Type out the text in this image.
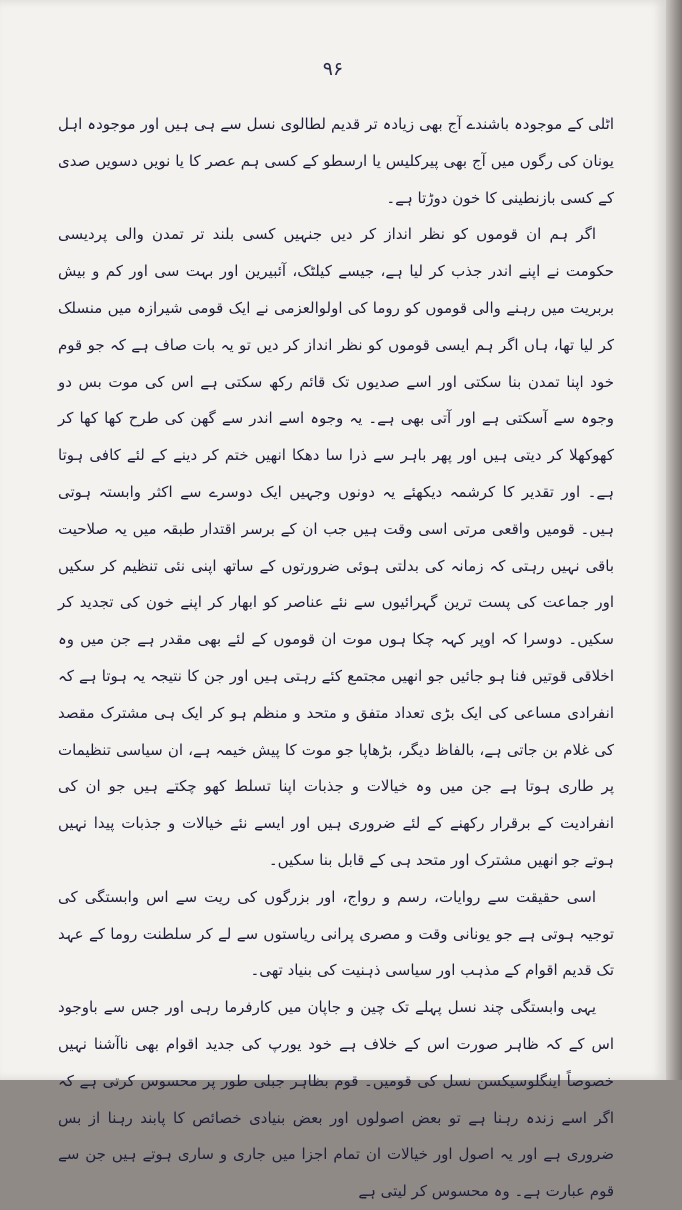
۹۶

اٹلی کے موجودہ باشندے آج بھی زیادہ تر قدیم لطالوی نسل سے ہی ہیں اور موجودہ اہل یونان کی رگوں میں آج بھی پیرکلیس یا ارسطو کے کسی ہم عصر کا یا نویں دسویں صدی کے کسی بازنطینی کا خون دوڑتا ہے۔

اگر ہم ان قوموں کو نظر انداز کر دیں جنہیں کسی بلند تر تمدن والی پردیسی حکومت نے اپنے اندر جذب کر لیا ہے، جیسے کیلٹک، آئبیرین اور بہت سی اور کم و بیش بربریت میں رہنے والی قوموں کو روما کی اولوالعزمی نے ایک قومی شیرازہ میں منسلک کر لیا تھا، ہاں اگر ہم ایسی قوموں کو نظر انداز کر دیں تو یہ بات صاف ہے کہ جو قوم خود اپنا تمدن بنا سکتی اور اسے صدیوں تک قائم رکھ سکتی ہے اس کی موت بس دو وجوہ سے آسکتی ہے اور آتی بھی ہے۔ یہ وجوہ اسے اندر سے گھن کی طرح کھا کھا کر کھوکھلا کر دیتی ہیں اور پھر باہر سے ذرا سا دھکا انھیں ختم کر دینے کے لئے کافی ہوتا ہے۔ اور تقدیر کا کرشمہ دیکھئے یہ دونوں وجہیں ایک دوسرے سے اکثر وابستہ ہوتی ہیں۔ قومیں واقعی مرتی اسی وقت ہیں جب ان کے برسر اقتدار طبقہ میں یہ صلاحیت باقی نہیں رہتی کہ زمانہ کی بدلتی ہوئی ضرورتوں کے ساتھ اپنی نئی تنظیم کر سکیں اور جماعت کی پست ترین گہرائیوں سے نئے عناصر کو ابھار کر اپنے خون کی تجدید کر سکیں۔ دوسرا کہ اوپر کہہ چکا ہوں موت ان قوموں کے لئے بھی مقدر ہے جن میں وہ اخلاقی قوتیں فنا ہو جائیں جو انھیں مجتمع کئے رہتی ہیں اور جن کا نتیجہ یہ ہوتا ہے کہ انفرادی مساعی کی ایک بڑی تعداد متفق و متحد و منظم ہو کر ایک ہی مشترک مقصد کی غلام بن جاتی ہے، بالفاظ دیگر، بڑھاپا جو موت کا پیش خیمہ ہے، ان سیاسی تنظیمات پر طاری ہوتا ہے جن میں وہ خیالات و جذبات اپنا تسلط کھو چکتے ہیں جو ان کی انفرادیت کے برقرار رکھنے کے لئے ضروری ہیں اور ایسے نئے خیالات و جذبات پیدا نہیں ہوتے جو انھیں مشترک اور متحد ہی کے قابل بنا سکیں۔

اسی حقیقت سے روایات، رسم و رواج، اور بزرگوں کی ریت سے اس وابستگی کی توجیہ ہوتی ہے جو یونانی وقت و مصری پرانی ریاستوں سے لے کر سلطنت روما کے عہد تک قدیم اقوام کے مذہب اور سیاسی ذہنیت کی بنیاد تھی۔

یہی وابستگی چند نسل پہلے تک چین و جاپان میں کارفرما رہی اور جس سے باوجود اس کے کہ ظاہر صورت اس کے خلاف ہے خود یورپ کی جدید اقوام بھی ناآشنا نہیں خصوصاً اینگلوسیکسن نسل کی قومیں۔ قوم بظاہر جبلی طور پر محسوس کرتی ہے کہ اگر اسے زندہ رہنا ہے تو بعض اصولوں اور بعض بنیادی خصائص کا پابند رہنا از بس ضروری ہے اور یہ اصول اور خیالات ان تمام اجزا میں جاری و ساری ہوتے ہیں جن سے قوم عبارت ہے۔ وہ محسوس کر لیتی ہے
